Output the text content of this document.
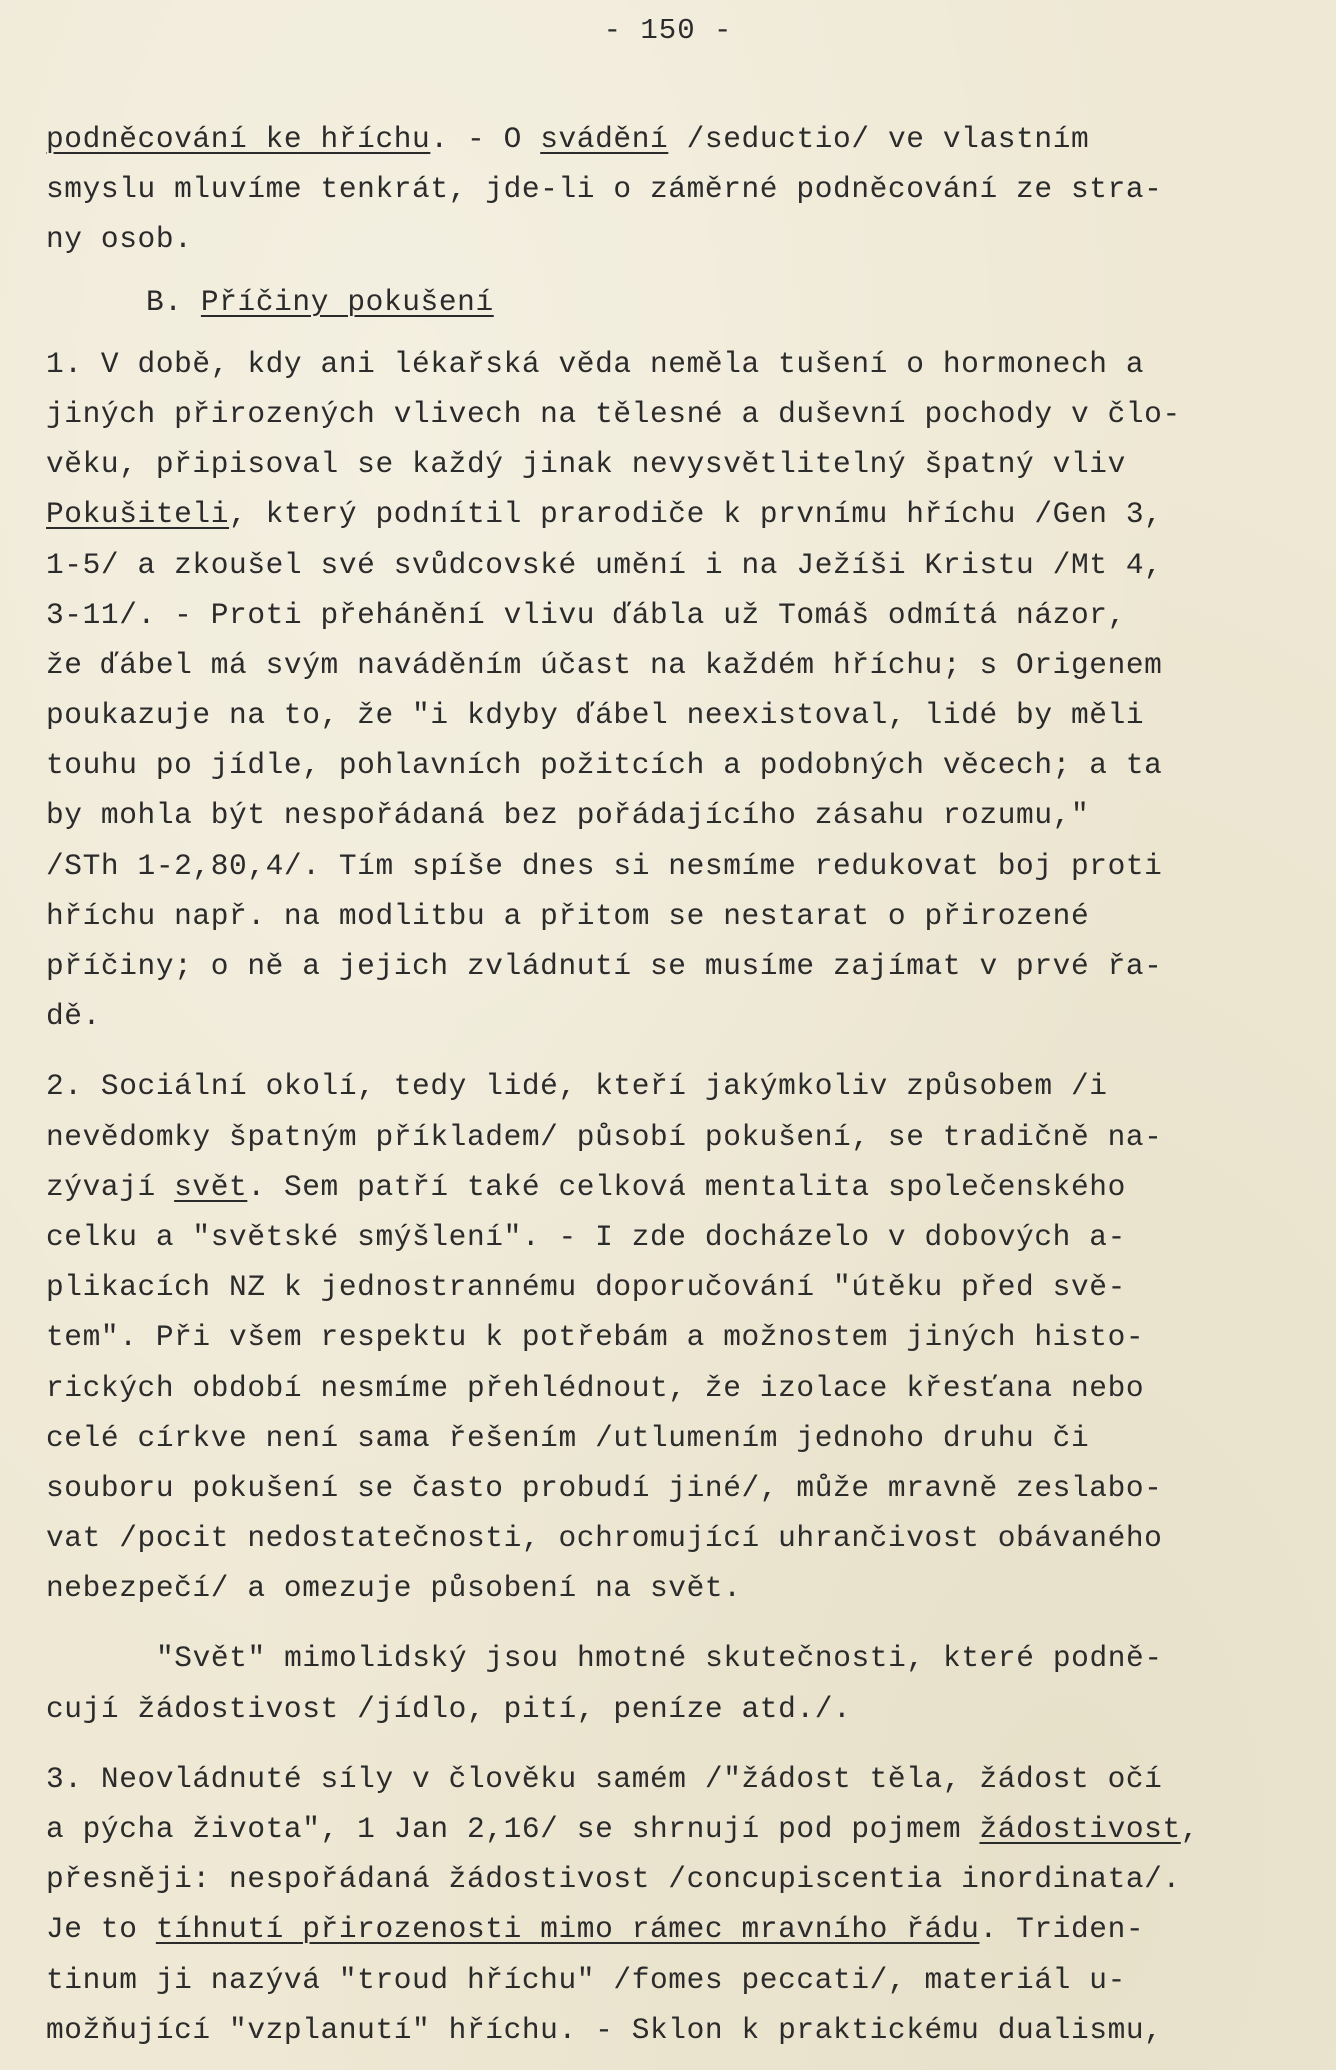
- 150 -
podněcování ke hříchu. - O svádění /seductio/ ve vlastním
smyslu mluvíme tenkrát, jde-li o záměrné podněcování ze stra-
ny osob.
B. Příčiny pokušení
1. V době, kdy ani lékařská věda neměla tušení o hormonech a
jiných přirozených vlivech na tělesné a duševní pochody v člo-
věku, připisoval se každý jinak nevysvětlitelný špatný vliv
Pokušiteli, který podnítil prarodiče k prvnímu hříchu /Gen 3,
1-5/ a zkoušel své svůdcovské umění i na Ježíši Kristu /Mt 4,
3-11/. - Proti přehánění vlivu ďábla už Tomáš odmítá názor,
že ďábel má svým naváděním účast na každém hříchu; s Origenem
poukazuje na to, že "i kdyby ďábel neexistoval, lidé by měli
touhu po jídle, pohlavních požitcích a podobných věcech; a ta
by mohla být nespořádaná bez pořádajícího zásahu rozumu,"
/STh 1-2,80,4/. Tím spíše dnes si nesmíme redukovat boj proti
hříchu např. na modlitbu a přitom se nestarat o přirozené
příčiny; o ně a jejich zvládnutí se musíme zajímat v prvé řa-
dě.
2. Sociální okolí, tedy lidé, kteří jakýmkoliv způsobem /i
nevědomky špatným příkladem/ působí pokušení, se tradičně na-
zývají svět. Sem patří také celková mentalita společenského
celku a "světské smýšlení". - I zde docházelo v dobových a-
plikacích NZ k jednostrannému doporučování "útěku před svě-
tem". Při všem respektu k potřebám a možnostem jiných histo-
rických období nesmíme přehlédnout, že izolace křesťana nebo
celé církve není sama řešením /utlumením jednoho druhu či
souboru pokušení se často probudí jiné/, může mravně zeslabo-
vat /pocit nedostatečnosti, ochromující uhrančivost obávaného
nebezpečí/ a omezuje působení na svět.
"Svět" mimolidský jsou hmotné skutečnosti, které podně-
cují žádostivost /jídlo, pití, peníze atd./.
3. Neovládnuté síly v člověku samém /"žádost těla, žádost očí
a pýcha života", 1 Jan 2,16/ se shrnují pod pojmem žádostivost,
přesněji: nespořádaná žádostivost /concupiscentia inordinata/.
Je to tíhnutí přirozenosti mimo rámec mravního řádu. Triden-
tinum ji nazývá "troud hříchu" /fomes peccati/, materiál u-
možňující "vzplanutí" hříchu. - Sklon k praktickému dualismu,
